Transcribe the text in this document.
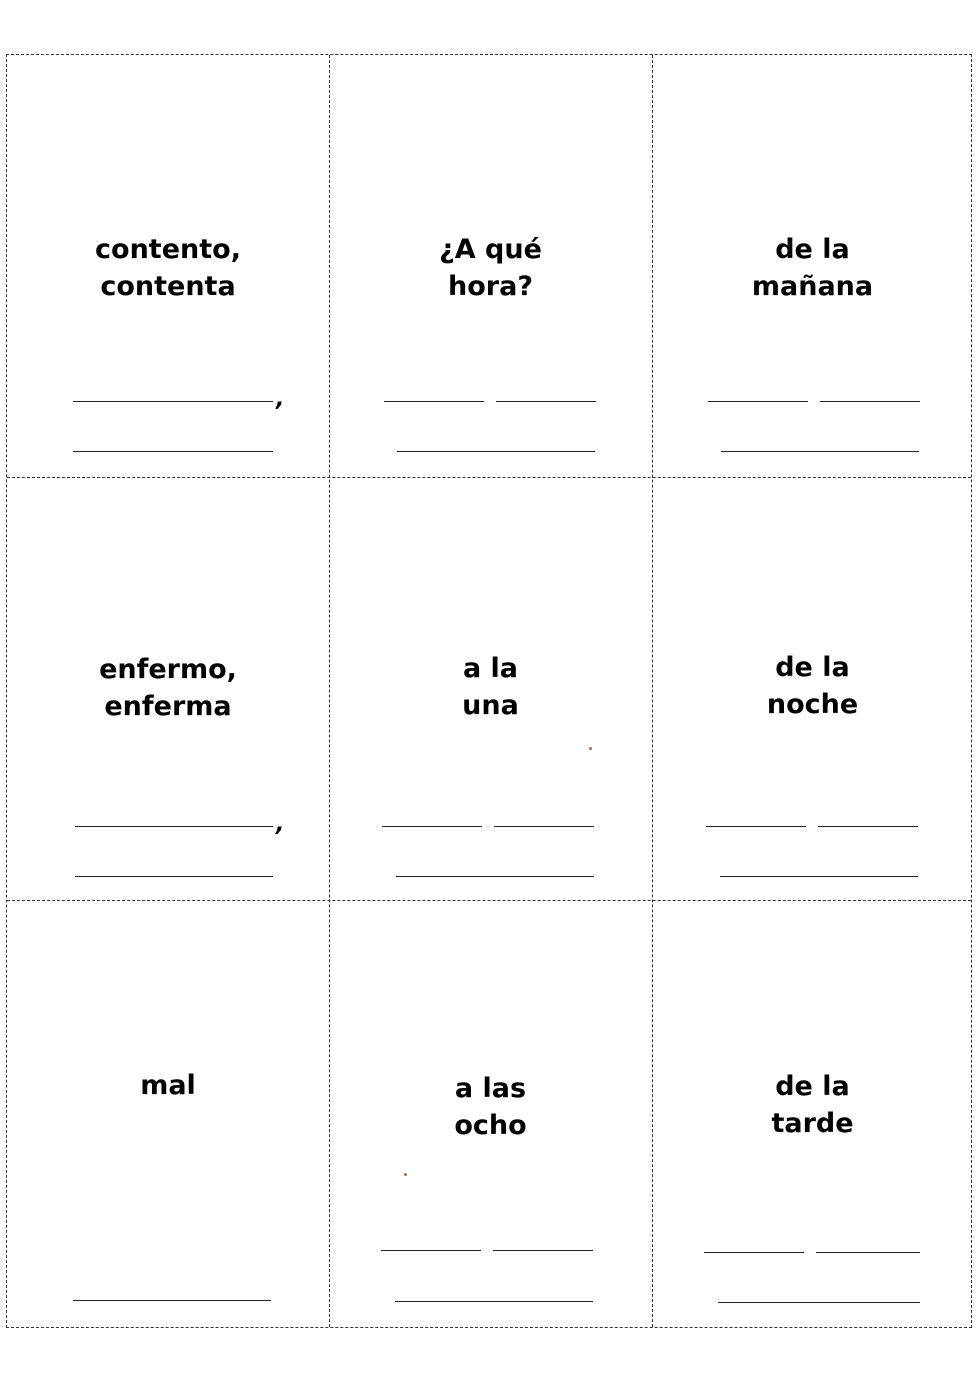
contento,
contenta
,
¿A qué
hora?
de la
mañana
enfermo,
enferma
,
a la
una
de la
noche
mal	a las
ocho
de la
tarde
